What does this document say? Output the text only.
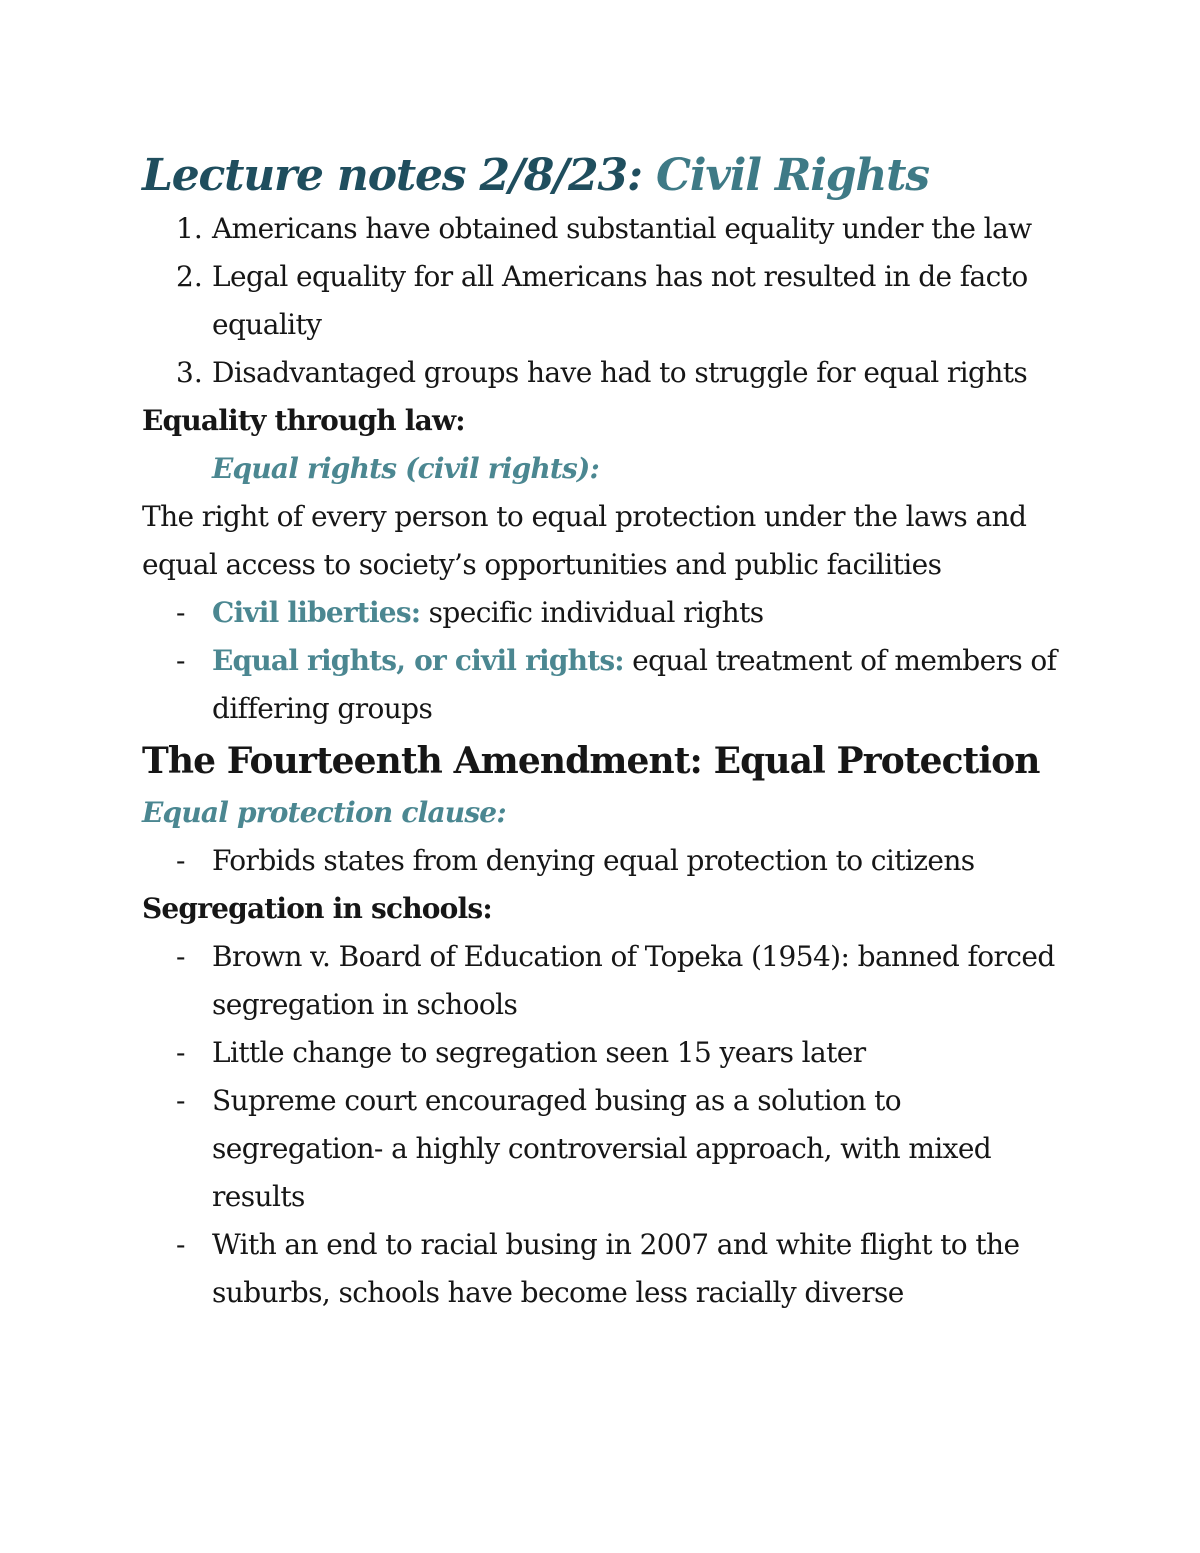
Lecture notes 2/8/23: Civil Rights
1. Americans have obtained substantial equality under the law
2. Legal equality for all Americans has not resulted in de facto
equality
3. Disadvantaged groups have had to struggle for equal rights
Equality through law:
Equal rights (civil rights):
The right of every person to equal protection under the laws and
equal access to society’s opportunities and public facilities
- Civil liberties: specific individual rights
- Equal rights, or civil rights: equal treatment of members of
differing groups
The Fourteenth Amendment: Equal Protection
Equal protection clause:
- Forbids states from denying equal protection to citizens
Segregation in schools:
- Brown v. Board of Education of Topeka (1954): banned forced
segregation in schools
- Little change to segregation seen 15 years later
- Supreme court encouraged busing as a solution to
segregation- a highly controversial approach, with mixed
results
- With an end to racial busing in 2007 and white flight to the
suburbs, schools have become less racially diverse
